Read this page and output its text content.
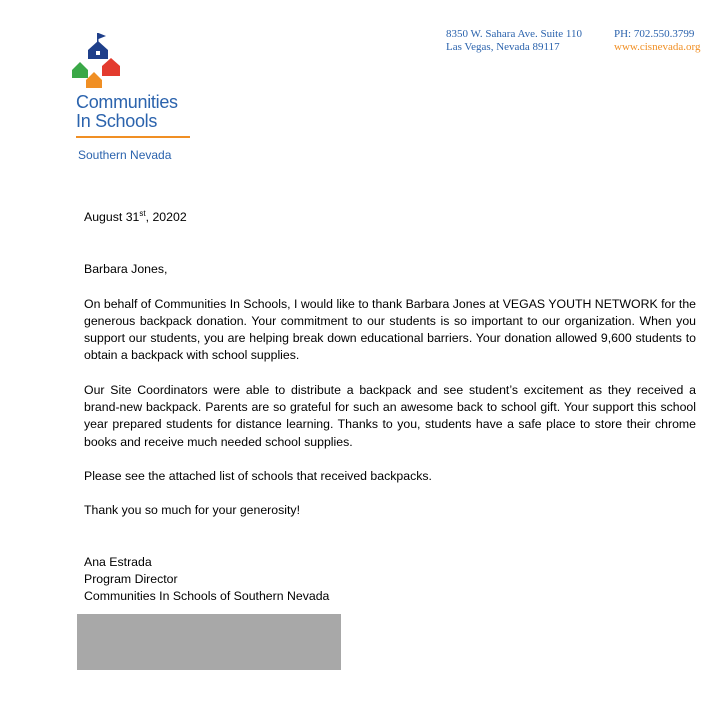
Communities
In Schools
Southern Nevada
8350 W. Sahara Ave. Suite 110
Las Vegas, Nevada 89117
PH: 702.550.3799
www.cisnevada.org

August 31st, 20202

Barbara Jones,

On behalf of Communities In Schools, I would like to thank Barbara Jones at VEGAS YOUTH NETWORK for the generous backpack donation. Your commitment to our students is so important to our organization. When you support our students, you are helping break down educational barriers. Your donation allowed 9,600 students to obtain a backpack with school supplies.

Our Site Coordinators were able to distribute a backpack and see student’s excitement as they received a brand-new backpack. Parents are so grateful for such an awesome back to school gift. Your support this school year prepared students for distance learning. Thanks to you, students have a safe place to store their chrome books and receive much needed school supplies.

Please see the attached list of schools that received backpacks.

Thank you so much for your generosity!

Ana Estrada

Program Director

Communities In Schools of Southern Nevada
